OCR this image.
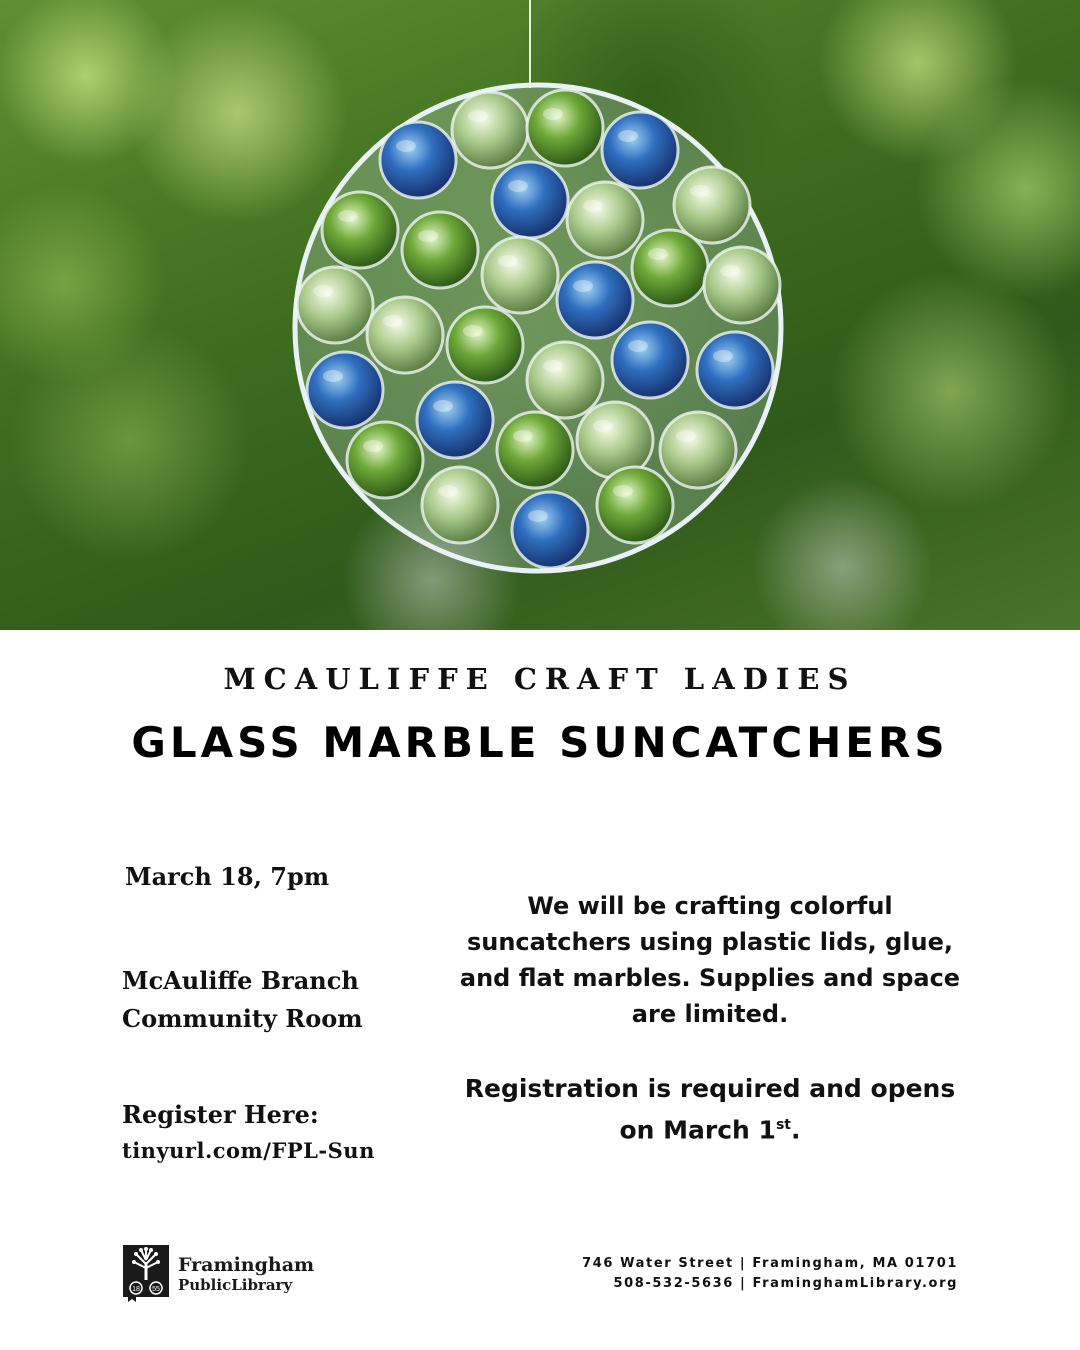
MCAULIFFE CRAFT LADIES
GLASS MARBLE SUNCATCHERS
March 18, 7pm
McAuliffe Branch
Community Room
Register Here:
tinyurl.com/FPL-Sun

We will be crafting colorful suncatchers using plastic lids, glue, and flat marbles. Supplies and space are limited.

Registration is required and opens on March 1st.

18 55
Framingham
PublicLibrary
746 Water Street | Framingham, MA 01701
508-532-5636 | FraminghamLibrary.org
